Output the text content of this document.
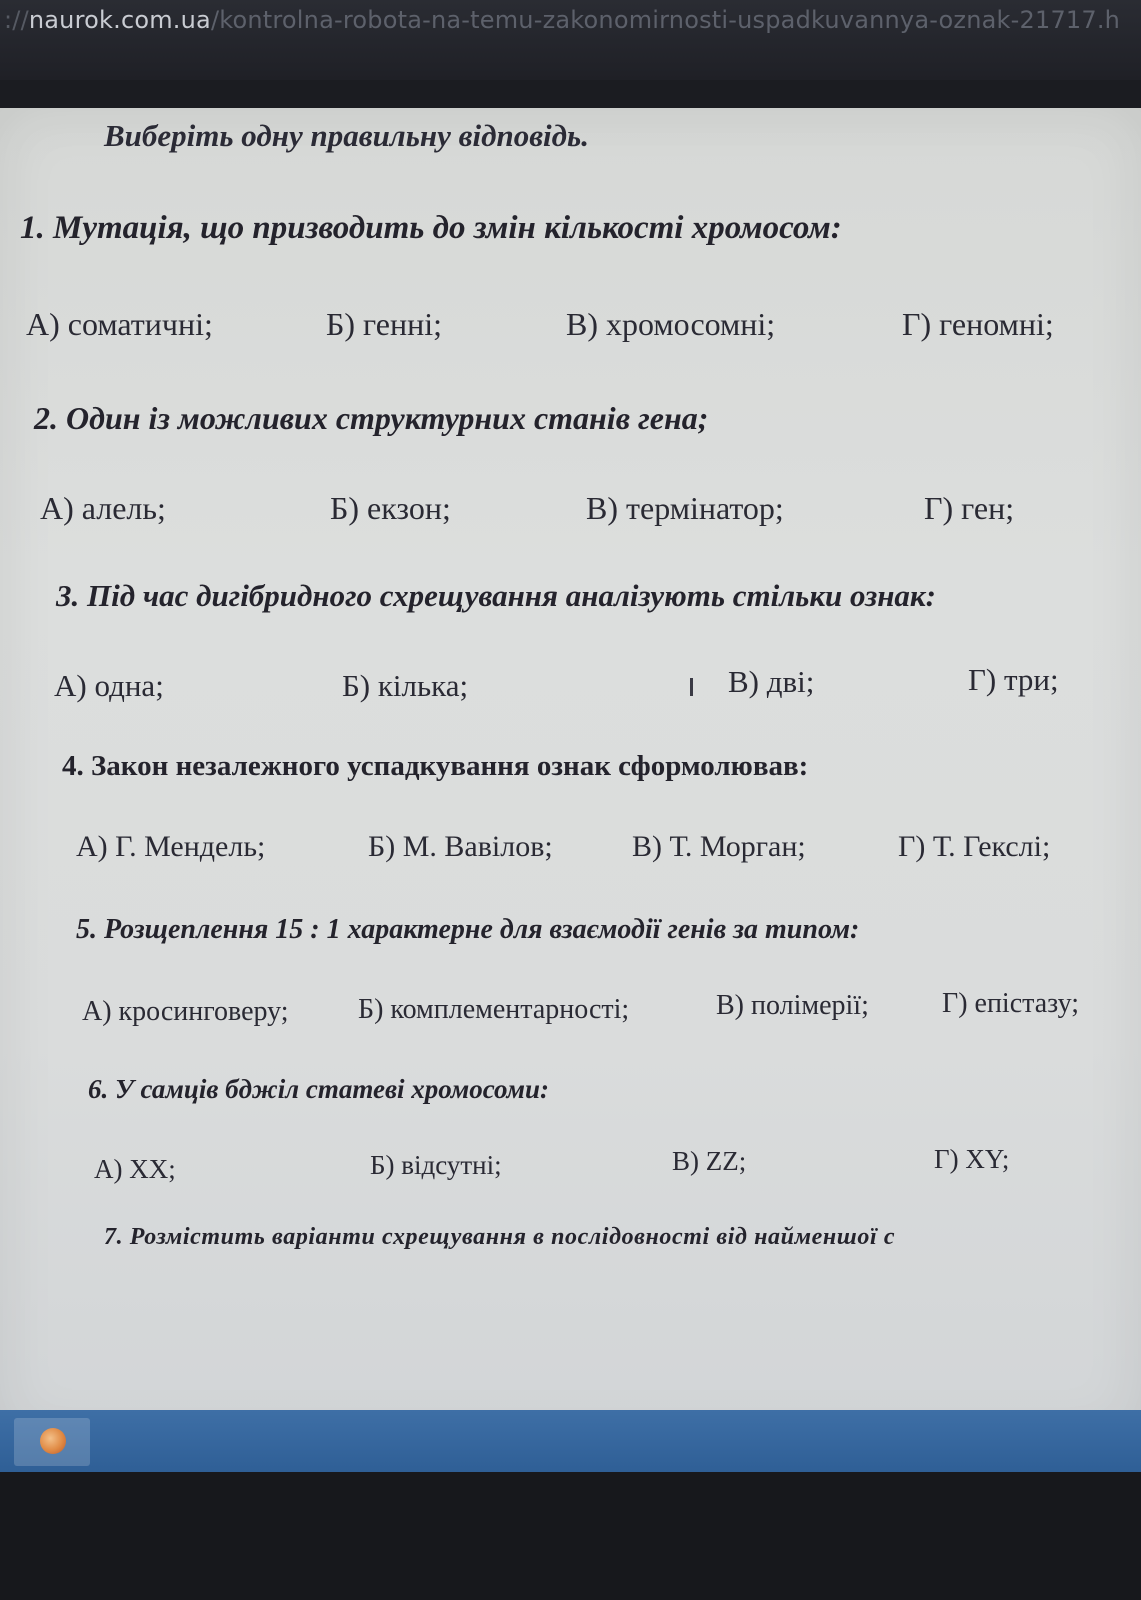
://naurok.com.ua/kontrolna-robota-na-temu-zakonomirnosti-uspadkuvannya-oznak-21717.h
Виберіть одну правильну відповідь.
1. Мутація, що призводить до змін кількості хромосом:
А) соматичні;	Б) генні;	В) хромосомні;	Г) геномні;
2. Один із можливих структурних станів гена;
А) алель;	Б) екзон;	В) термінатор;	Г) ген;
3. Під час дигібридного схрещування аналізують стільки ознак:
А) одна;	Б) кілька;	В) дві;	Г) три;
4. Закон незалежного успадкування ознак сформолював:
А) Г. Мендель;	Б) М. Вавілов;	В) Т. Морган;	Г) Т. Гекслі;
5. Розщеплення 15 : 1 характерне для взаємодії генів за типом:
А) кросинговеру; Б) комплементарності;	В) полімерії;	Г) епістазу;
6. У самців бджіл статеві хромосоми:
А) XX;	Б) відсутні;	В) ZZ;	Г) XY;
7. Розмістить варіанти схрещування в послідовності від найменшої с
